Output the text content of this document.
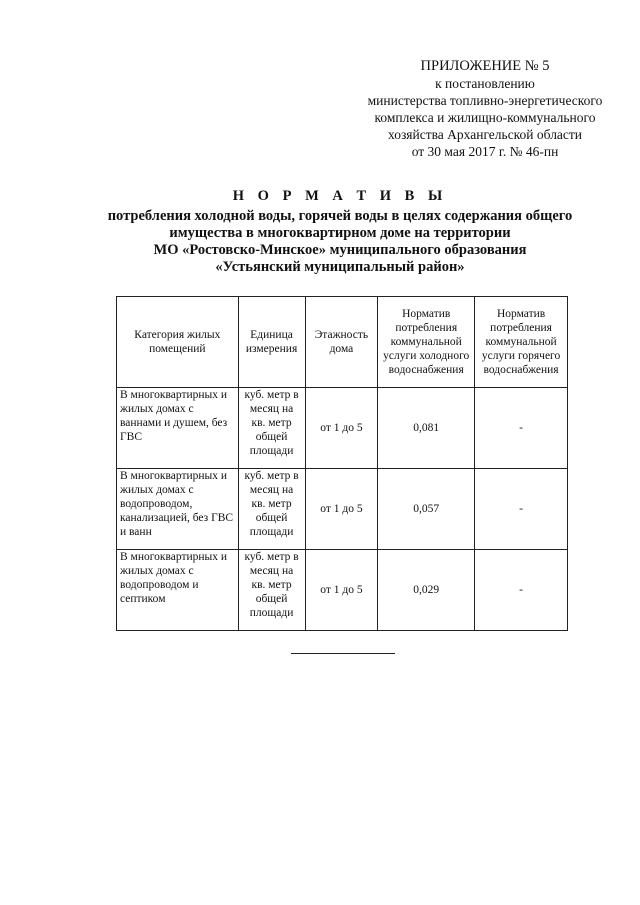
ПРИЛОЖЕНИЕ № 5
к постановлению
министерства топливно-энергетического
комплекса и жилищно-коммунального
хозяйства Архангельской области
от 30 мая 2017 г. № 46-пн
Н О Р М А Т И В Ы
потребления холодной воды, горячей воды в целях содержания общего
имущества в многоквартирном доме на территории
МО «Ростовско-Минское» муниципального образования
«Устьянский муниципальный район»
Категория жилых помещений	Единица измерения	Этажность дома	Норматив потребления коммунальной услуги холодного водоснабжения	Норматив потребления коммунальной услуги горячего водоснабжения
В многоквартирных и жилых домах с ваннами и душем, без ГВС	куб. метр в месяц на кв. метр общей площади	от 1 до 5	0,081	-
В многоквартирных и жилых домах с водопроводом, канализацией, без ГВС и ванн	куб. метр в месяц на кв. метр общей площади	от 1 до 5	0,057	-
В многоквартирных и жилых домах с водопроводом и септиком	куб. метр в месяц на кв. метр общей площади	от 1 до 5	0,029	-
